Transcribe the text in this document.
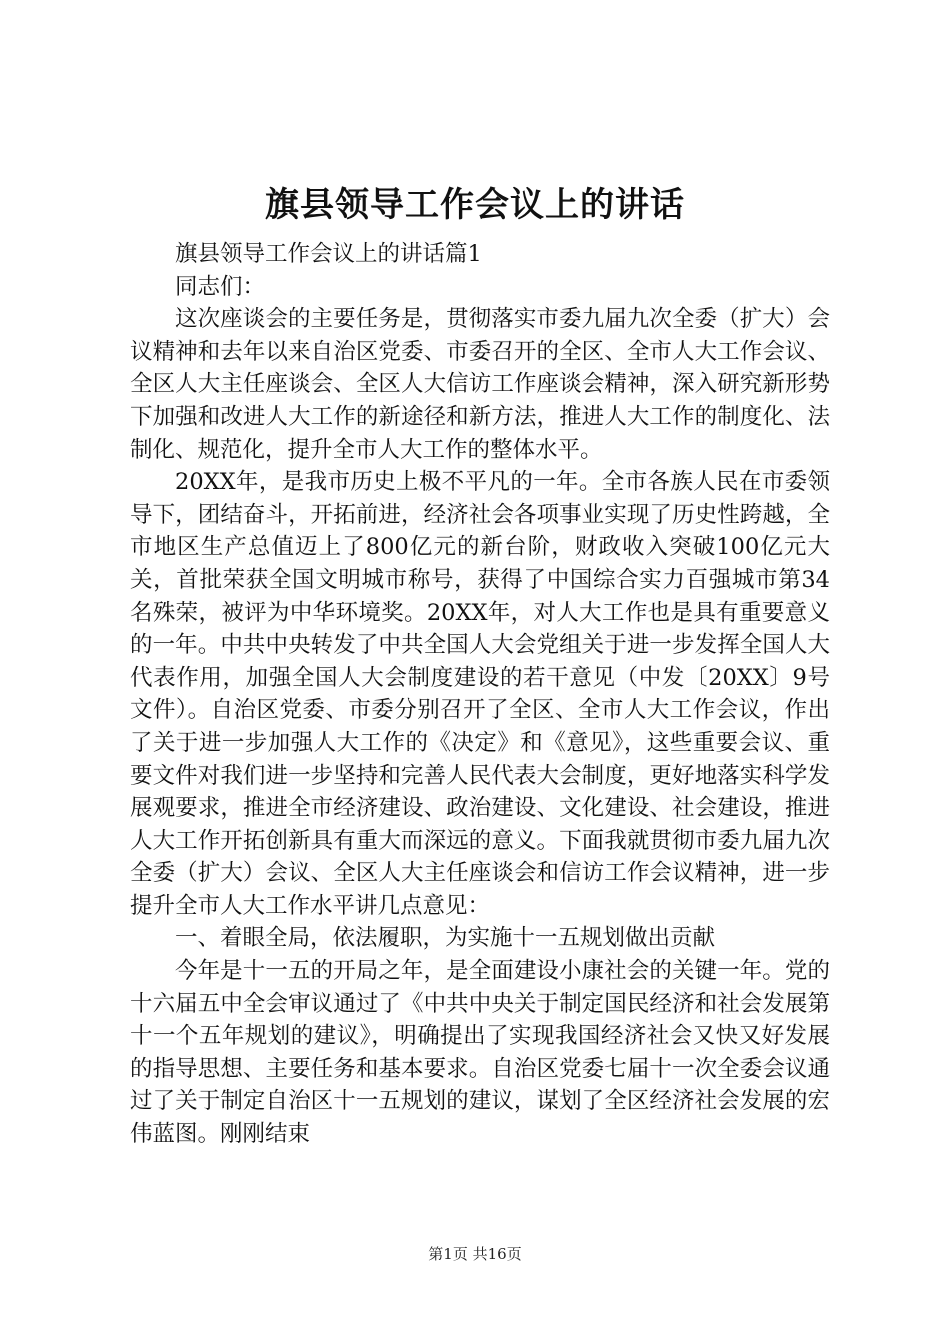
旗县领导工作会议上的讲话

旗县领导工作会议上的讲话篇1

同志们：

这次座谈会的主要任务是，贯彻落实市委九届九次全委（扩大）会议精神和去年以来自治区党委、市委召开的全区、全市人大工作会议、全区人大主任座谈会、全区人大信访工作座谈会精神，深入研究新形势下加强和改进人大工作的新途径和新方法，推进人大工作的制度化、法制化、规范化，提升全市人大工作的整体水平。

20XX年，是我市历史上极不平凡的一年。全市各族人民在市委领导下，团结奋斗，开拓前进，经济社会各项事业实现了历史性跨越，全市地区生产总值迈上了800亿元的新台阶，财政收入突破100亿元大关，首批荣获全国文明城市称号，获得了中国综合实力百强城市第34名殊荣，被评为中华环境奖。20XX年，对人大工作也是具有重要意义的一年。中共中央转发了中共全国人大会党组关于进一步发挥全国人大代表作用，加强全国人大会制度建设的若干意见（中发〔20XX〕9号文件）。自治区党委、市委分别召开了全区、全市人大工作会议，作出了关于进一步加强人大工作的《决定》和《意见》，这些重要会议、重要文件对我们进一步坚持和完善人民代表大会制度，更好地落实科学发展观要求，推进全市经济建设、政治建设、文化建设、社会建设，推进人大工作开拓创新具有重大而深远的意义。下面我就贯彻市委九届九次全委（扩大）会议、全区人大主任座谈会和信访工作会议精神，进一步提升全市人大工作水平讲几点意见：

一、着眼全局，依法履职，为实施十一五规划做出贡献

今年是十一五的开局之年，是全面建设小康社会的关键一年。党的十六届五中全会审议通过了《中共中央关于制定国民经济和社会发展第十一个五年规划的建议》，明确提出了实现我国经济社会又快又好发展的指导思想、主要任务和基本要求。自治区党委七届十一次全委会议通过了关于制定自治区十一五规划的建议，谋划了全区经济社会发展的宏伟蓝图。刚刚结束

第1页 共16页
